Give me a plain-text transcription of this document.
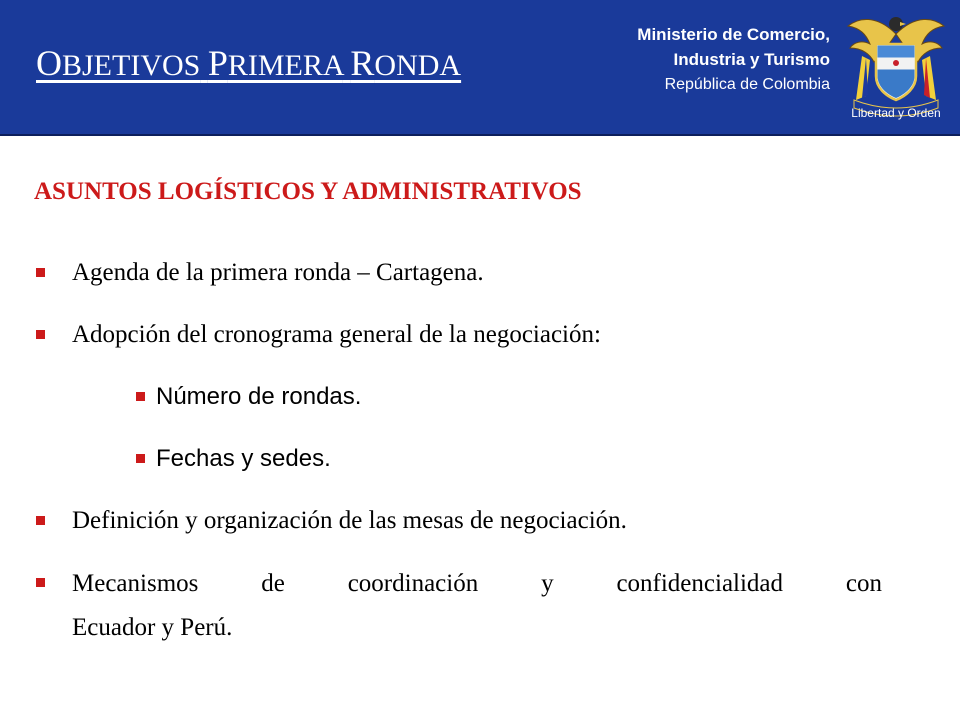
OBJETIVOS PRIMERA RONDA
Ministerio de Comercio,
Industria y Turismo
República de Colombia
Libertad y Orden
ASUNTOS LOGÍSTICOS Y ADMINISTRATIVOS
Agenda de la primera ronda – Cartagena.
Adopción del cronograma general de la negociación:
Número de rondas.
Fechas y sedes.
Definición y organización de las mesas de negociación.
Mecanismos de coordinación y confidencialidad con
Ecuador y Perú.
